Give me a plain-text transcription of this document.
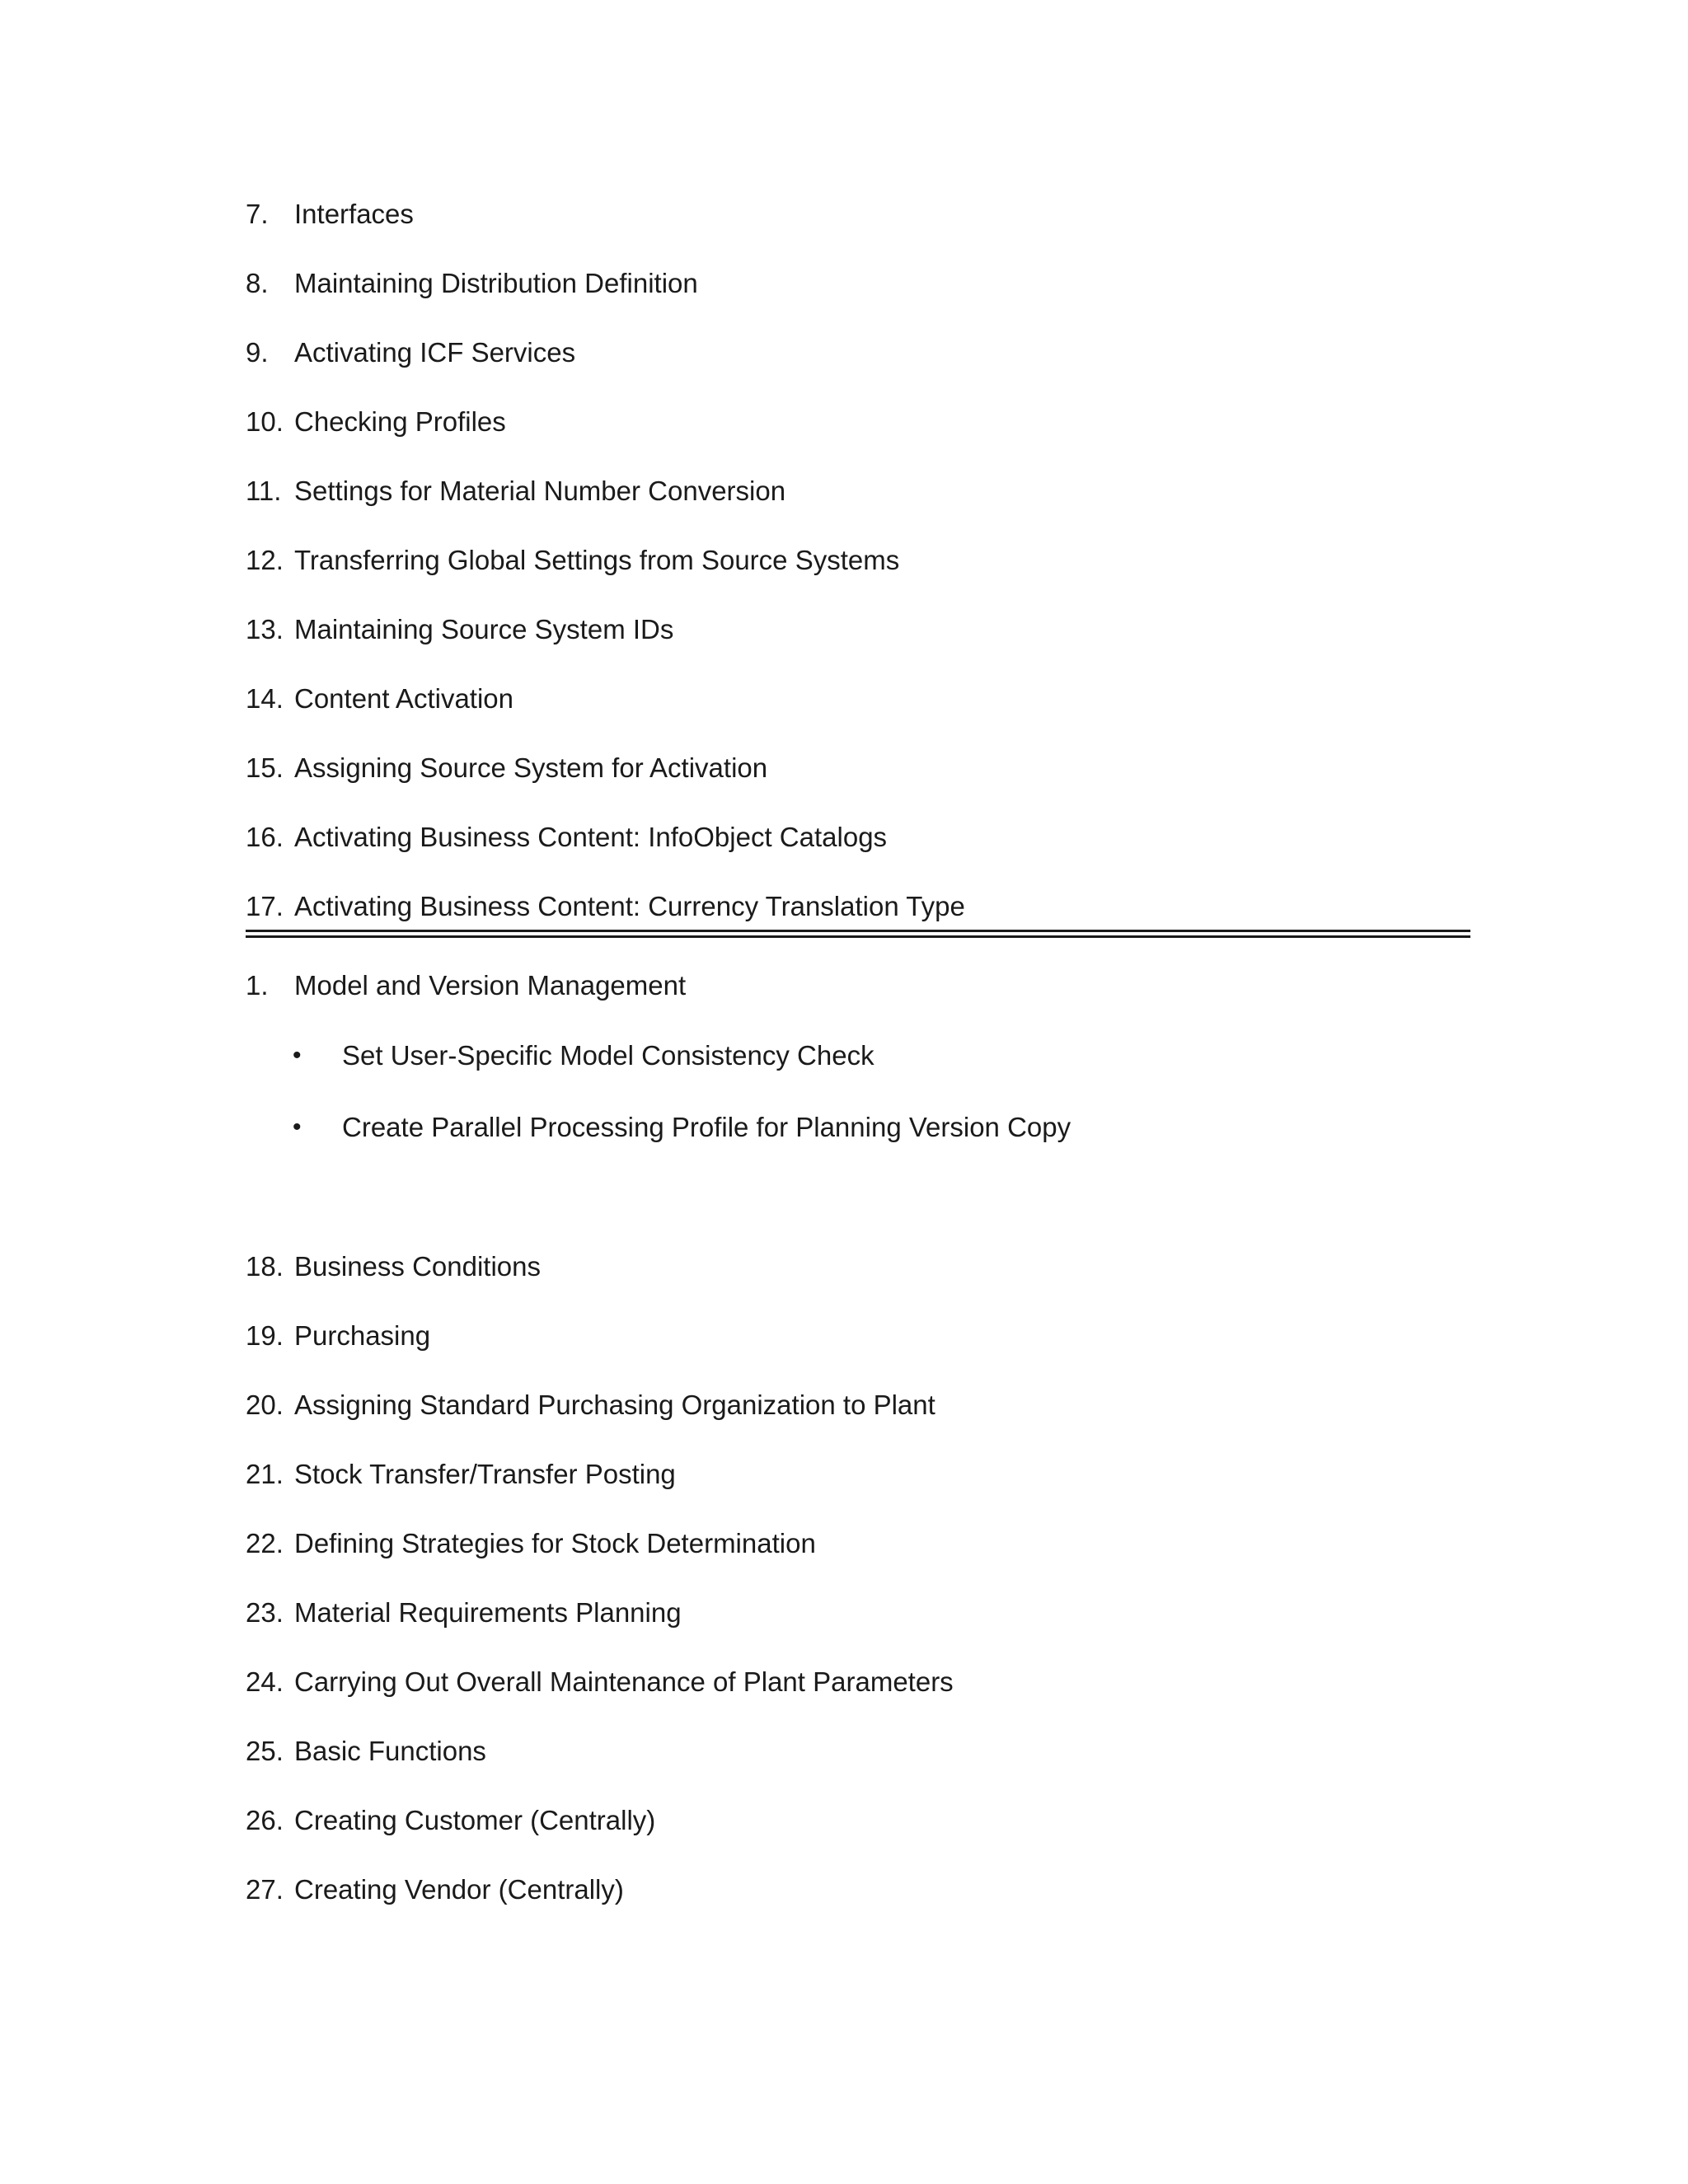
7. Interfaces
8. Maintaining Distribution Definition
9. Activating ICF Services
10. Checking Profiles
11. Settings for Material Number Conversion
12. Transferring Global Settings from Source Systems
13. Maintaining Source System IDs
14. Content Activation
15. Assigning Source System for Activation
16. Activating Business Content: InfoObject Catalogs
17. Activating Business Content: Currency Translation Type
1. Model and Version Management
• Set User-Specific Model Consistency Check
• Create Parallel Processing Profile for Planning Version Copy
18. Business Conditions
19. Purchasing
20. Assigning Standard Purchasing Organization to Plant
21. Stock Transfer/Transfer Posting
22. Defining Strategies for Stock Determination
23. Material Requirements Planning
24. Carrying Out Overall Maintenance of Plant Parameters
25. Basic Functions
26. Creating Customer (Centrally)
27. Creating Vendor (Centrally)
